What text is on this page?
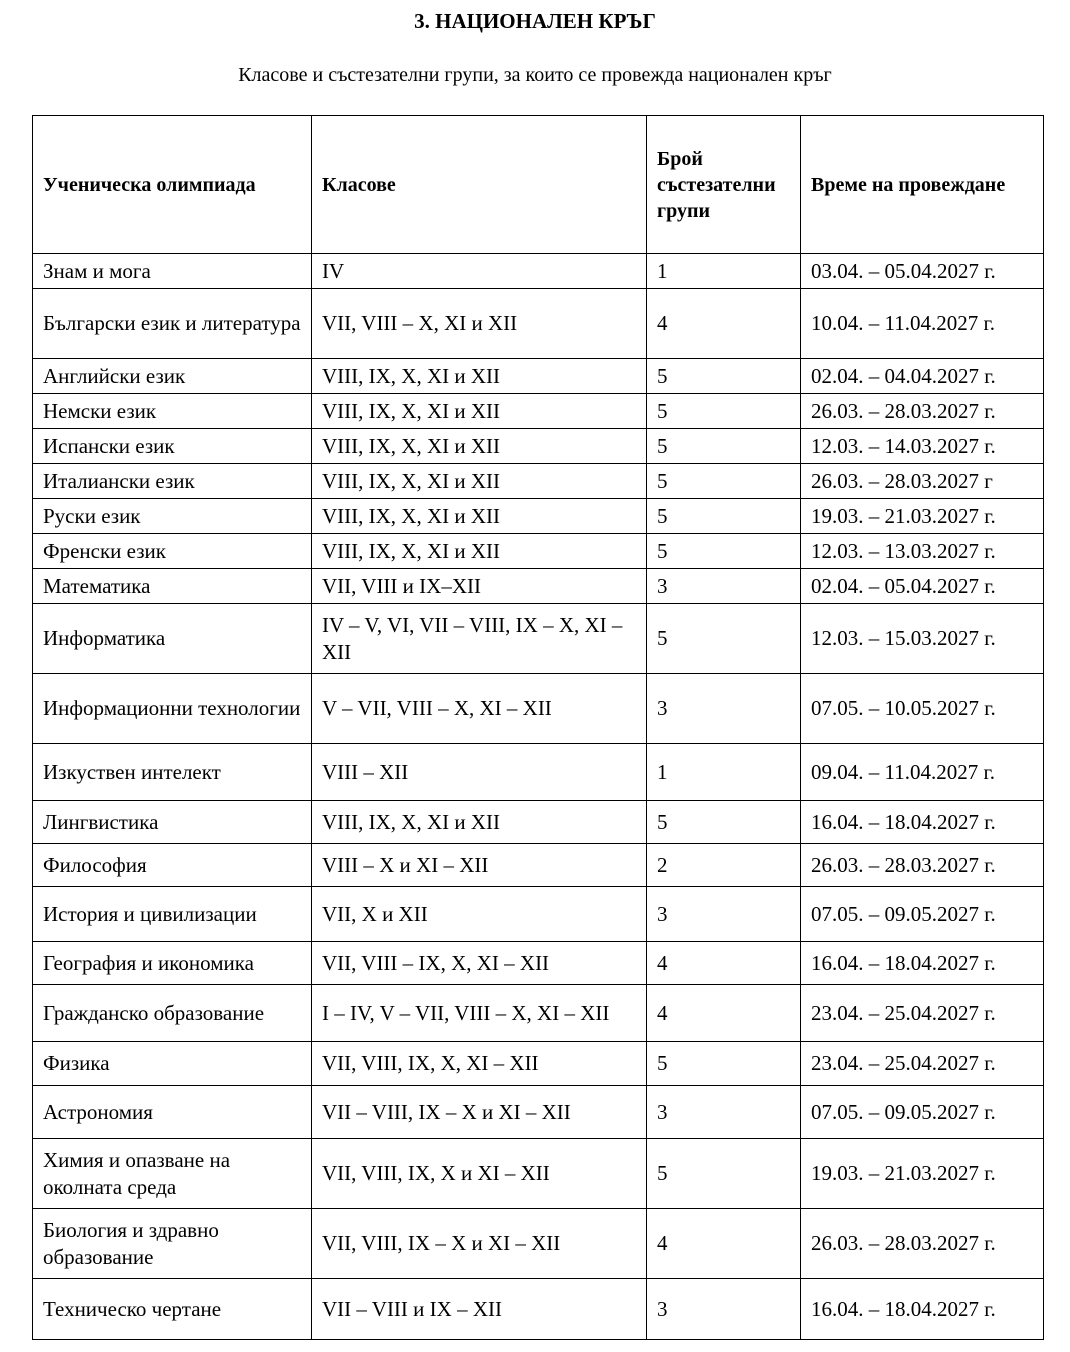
3. НАЦИОНАЛЕН КРЪГ
Класове и състезателни групи, за които се провежда национален кръг
Ученическа олимпиада	Класове	Брой състезателни групи	Време на провеждане
Знам и мога	IV	1	03.04. – 05.04.2027 г.
Български език и литература	VII, VIII – X, XI и XII	4	10.04. – 11.04.2027 г.
Английски език	VIII, IX, X, XI и XII	5	02.04. – 04.04.2027 г.
Немски език	VIII, IX, X, XI и XII	5	26.03. – 28.03.2027 г.
Испански език	VIII, IX, X, XI и XII	5	12.03. – 14.03.2027 г.
Италиански език	VIII, IX, X, XI и XII	5	26.03. – 28.03.2027 г
Руски език	VIII, IX, X, XI и XII	5	19.03. – 21.03.2027 г.
Френски език	VIII, IX, X, XI и XII	5	12.03. – 13.03.2027 г.
Математика	VII, VIII и IX–XII	3	02.04. – 05.04.2027 г.
Информатика	IV – V, VI, VII – VIII, IX – X, XI – XII	5	12.03. – 15.03.2027 г.
Информационни технологии	V – VII, VIII – X, XI – XII	3	07.05. – 10.05.2027 г.
Изкуствен интелект	VIII – XII	1	09.04. – 11.04.2027 г.
Лингвистика	VIII, IX, X, XI и XII	5	16.04. – 18.04.2027 г.
Философия	VIII – X и XI – XII	2	26.03. – 28.03.2027 г.
История и цивилизации	VII, X и XII	3	07.05. – 09.05.2027 г.
География и икономика	VII, VIII – IX, X, XI – XII	4	16.04. – 18.04.2027 г.
Гражданско образование	I – IV, V – VII, VIII – X, XI – XII	4	23.04. – 25.04.2027 г.
Физика	VII, VIII, IX, X, XI – XII	5	23.04. – 25.04.2027 г.
Астрономия	VII – VIII, IX – X и XI – XII	3	07.05. – 09.05.2027 г.
Химия и опазване на околната среда	VII, VIII, IX, X и XI – XII	5	19.03. – 21.03.2027 г.
Биология и здравно образование	VII, VIII, IX – X и XI – XII	4	26.03. – 28.03.2027 г.
Техническо чертане	VII – VIII и IX – XII	3	16.04. – 18.04.2027 г.
